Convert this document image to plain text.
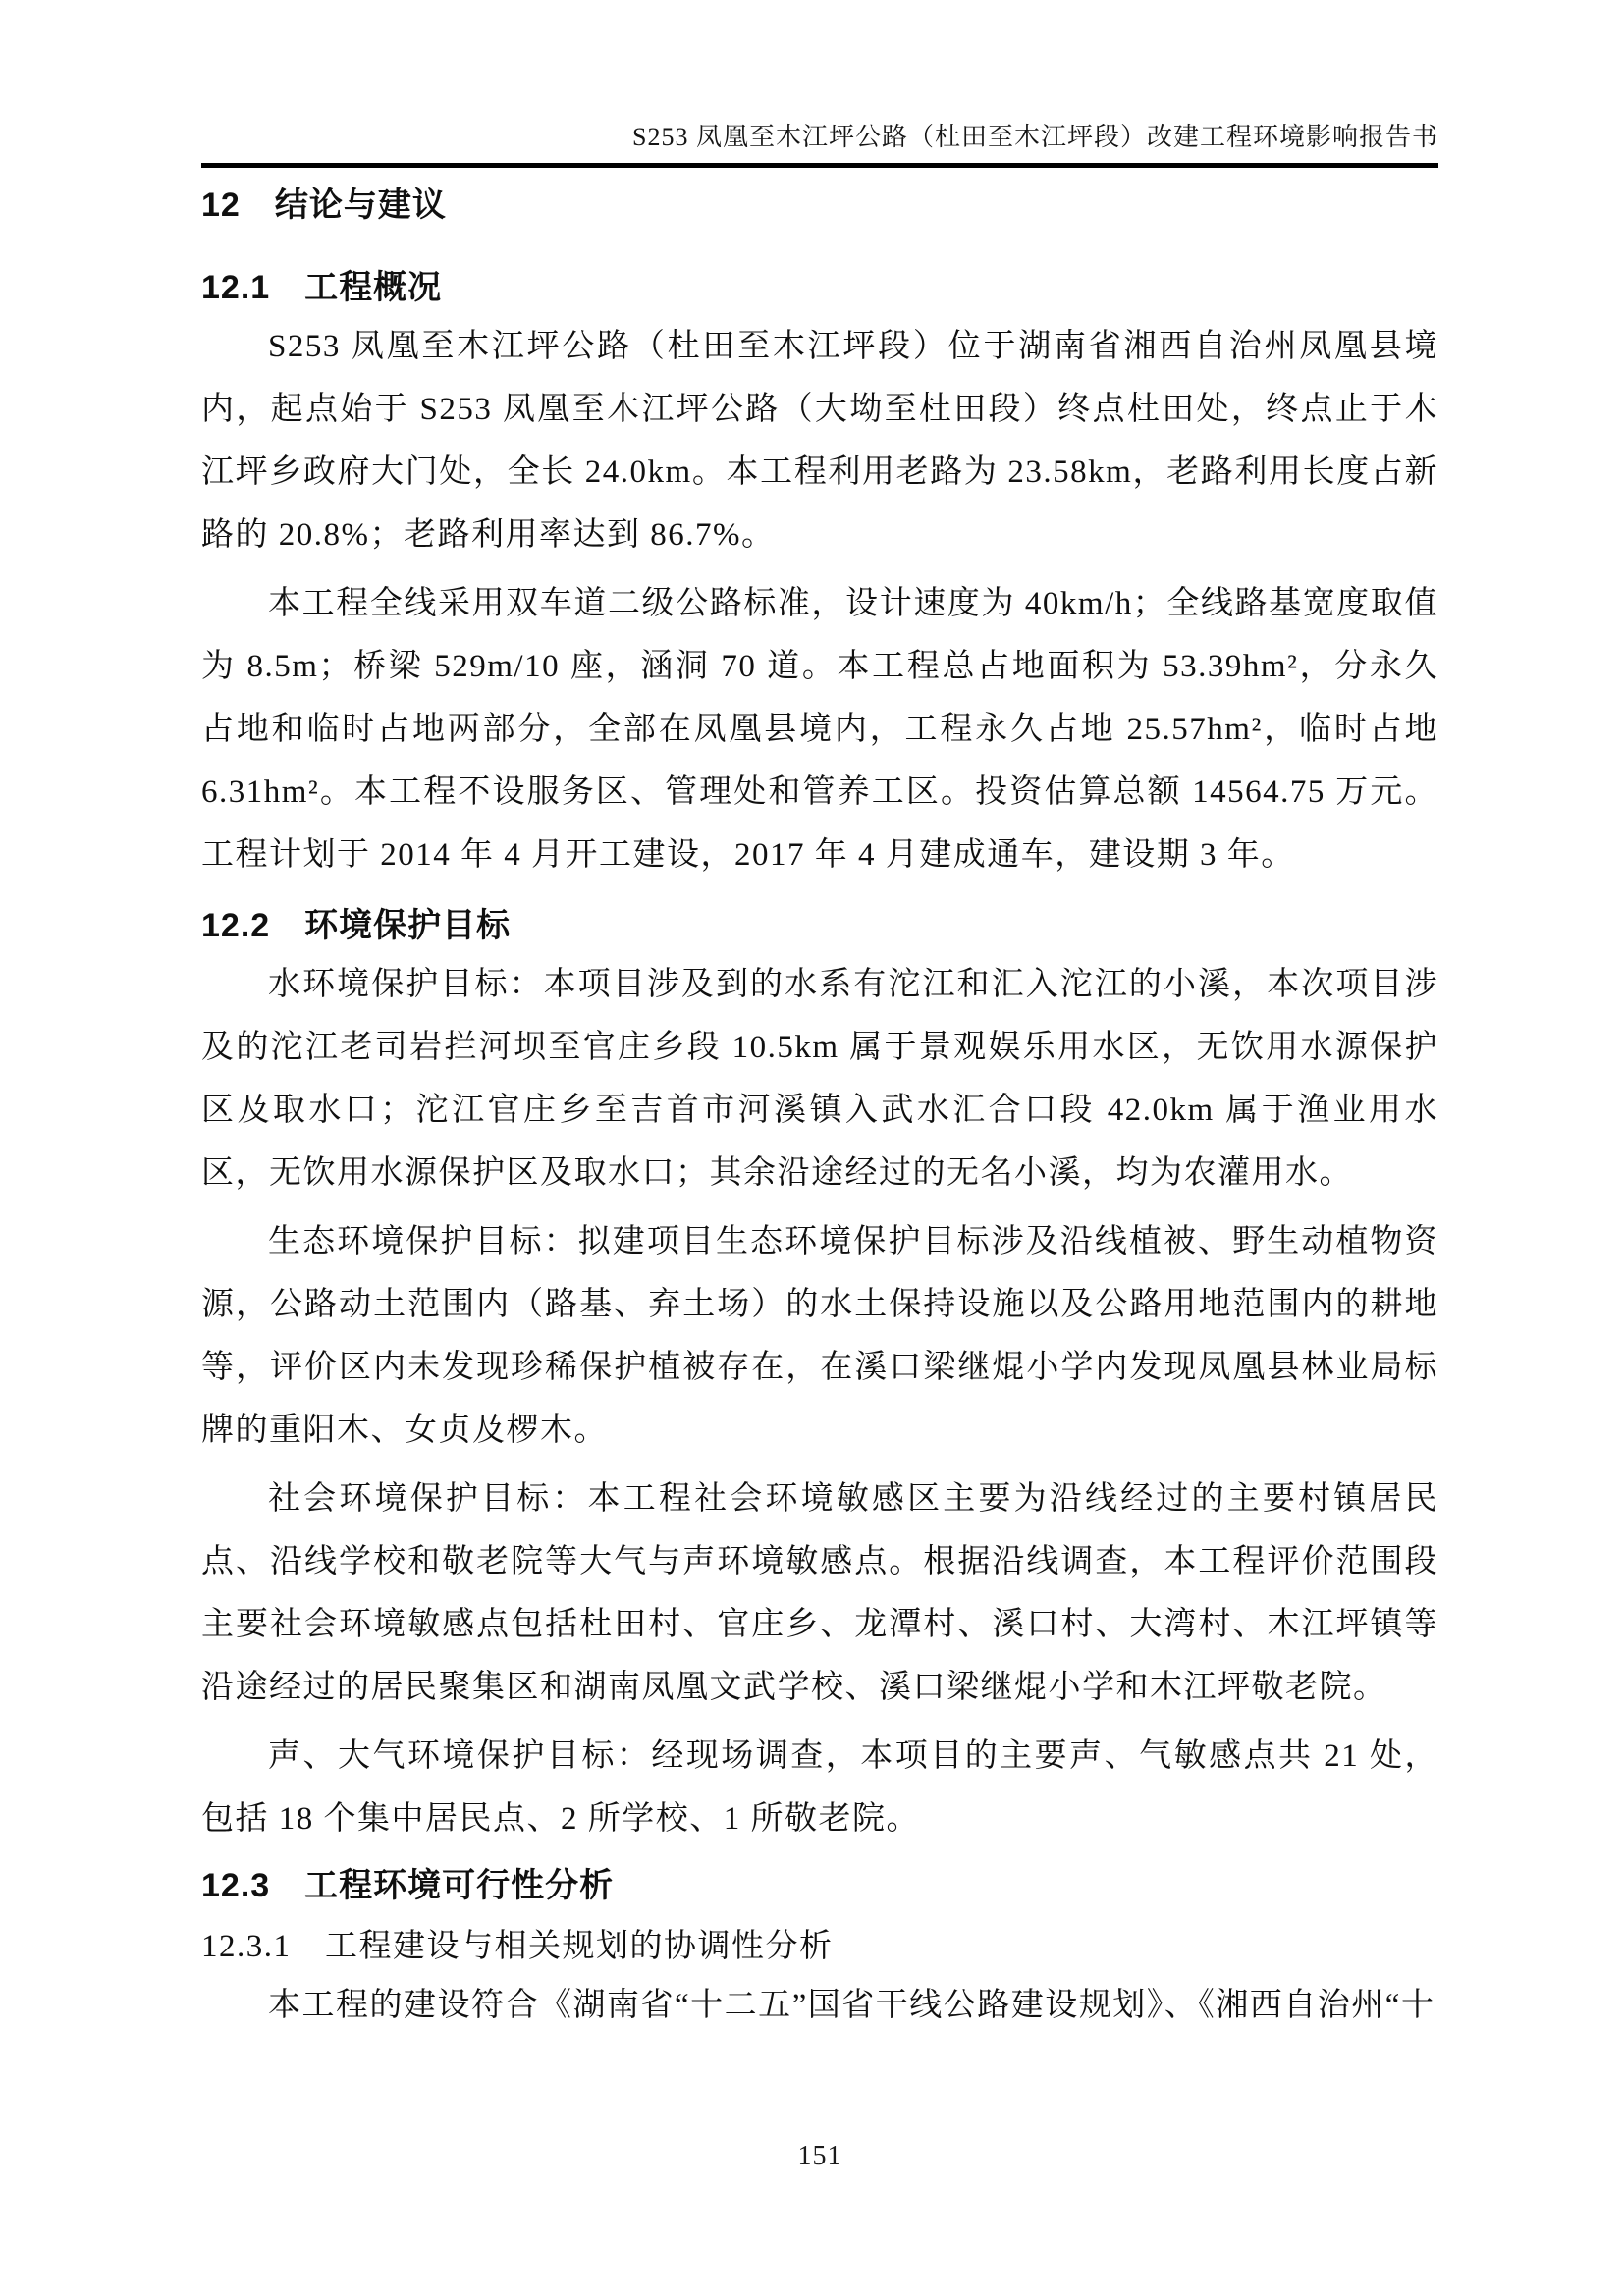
S253 凤凰至木江坪公路（杜田至木江坪段）改建工程环境影响报告书
12　结论与建议
12.1　工程概况

S253 凤凰至木江坪公路（杜田至木江坪段）位于湖南省湘西自治州凤凰县境内，起点始于 S253 凤凰至木江坪公路（大坳至杜田段）终点杜田处，终点止于木江坪乡政府大门处，全长 24.0km。本工程利用老路为 23.58km，老路利用长度占新路的 20.8%；老路利用率达到 86.7%。

本工程全线采用双车道二级公路标准，设计速度为 40km/h；全线路基宽度取值为 8.5m；桥梁 529m/10 座，涵洞 70 道。本工程总占地面积为 53.39hm²，分永久占地和临时占地两部分，全部在凤凰县境内，工程永久占地 25.57hm²，临时占地 6.31hm²。本工程不设服务区、管理处和管养工区。投资估算总额 14564.75 万元。工程计划于 2014 年 4 月开工建设，2017 年 4 月建成通车，建设期 3 年。

12.2　环境保护目标

水环境保护目标：本项目涉及到的水系有沱江和汇入沱江的小溪，本次项目涉及的沱江老司岩拦河坝至官庄乡段 10.5km 属于景观娱乐用水区，无饮用水源保护区及取水口；沱江官庄乡至吉首市河溪镇入武水汇合口段 42.0km 属于渔业用水区，无饮用水源保护区及取水口；其余沿途经过的无名小溪，均为农灌用水。

生态环境保护目标：拟建项目生态环境保护目标涉及沿线植被、野生动植物资源，公路动土范围内（路基、弃土场）的水土保持设施以及公路用地范围内的耕地等，评价区内未发现珍稀保护植被存在，在溪口梁继焜小学内发现凤凰县林业局标牌的重阳木、女贞及椤木。

社会环境保护目标：本工程社会环境敏感区主要为沿线经过的主要村镇居民点、沿线学校和敬老院等大气与声环境敏感点。根据沿线调查，本工程评价范围段主要社会环境敏感点包括杜田村、官庄乡、龙潭村、溪口村、大湾村、木江坪镇等沿途经过的居民聚集区和湖南凤凰文武学校、溪口梁继焜小学和木江坪敬老院。

声、大气环境保护目标：经现场调查，本项目的主要声、气敏感点共 21 处，包括 18 个集中居民点、2 所学校、1 所敬老院。

12.3　工程环境可行性分析
12.3.1　工程建设与相关规划的协调性分析

本工程的建设符合《湖南省“十二五”国省干线公路建设规划》、《湘西自治州“十

151
